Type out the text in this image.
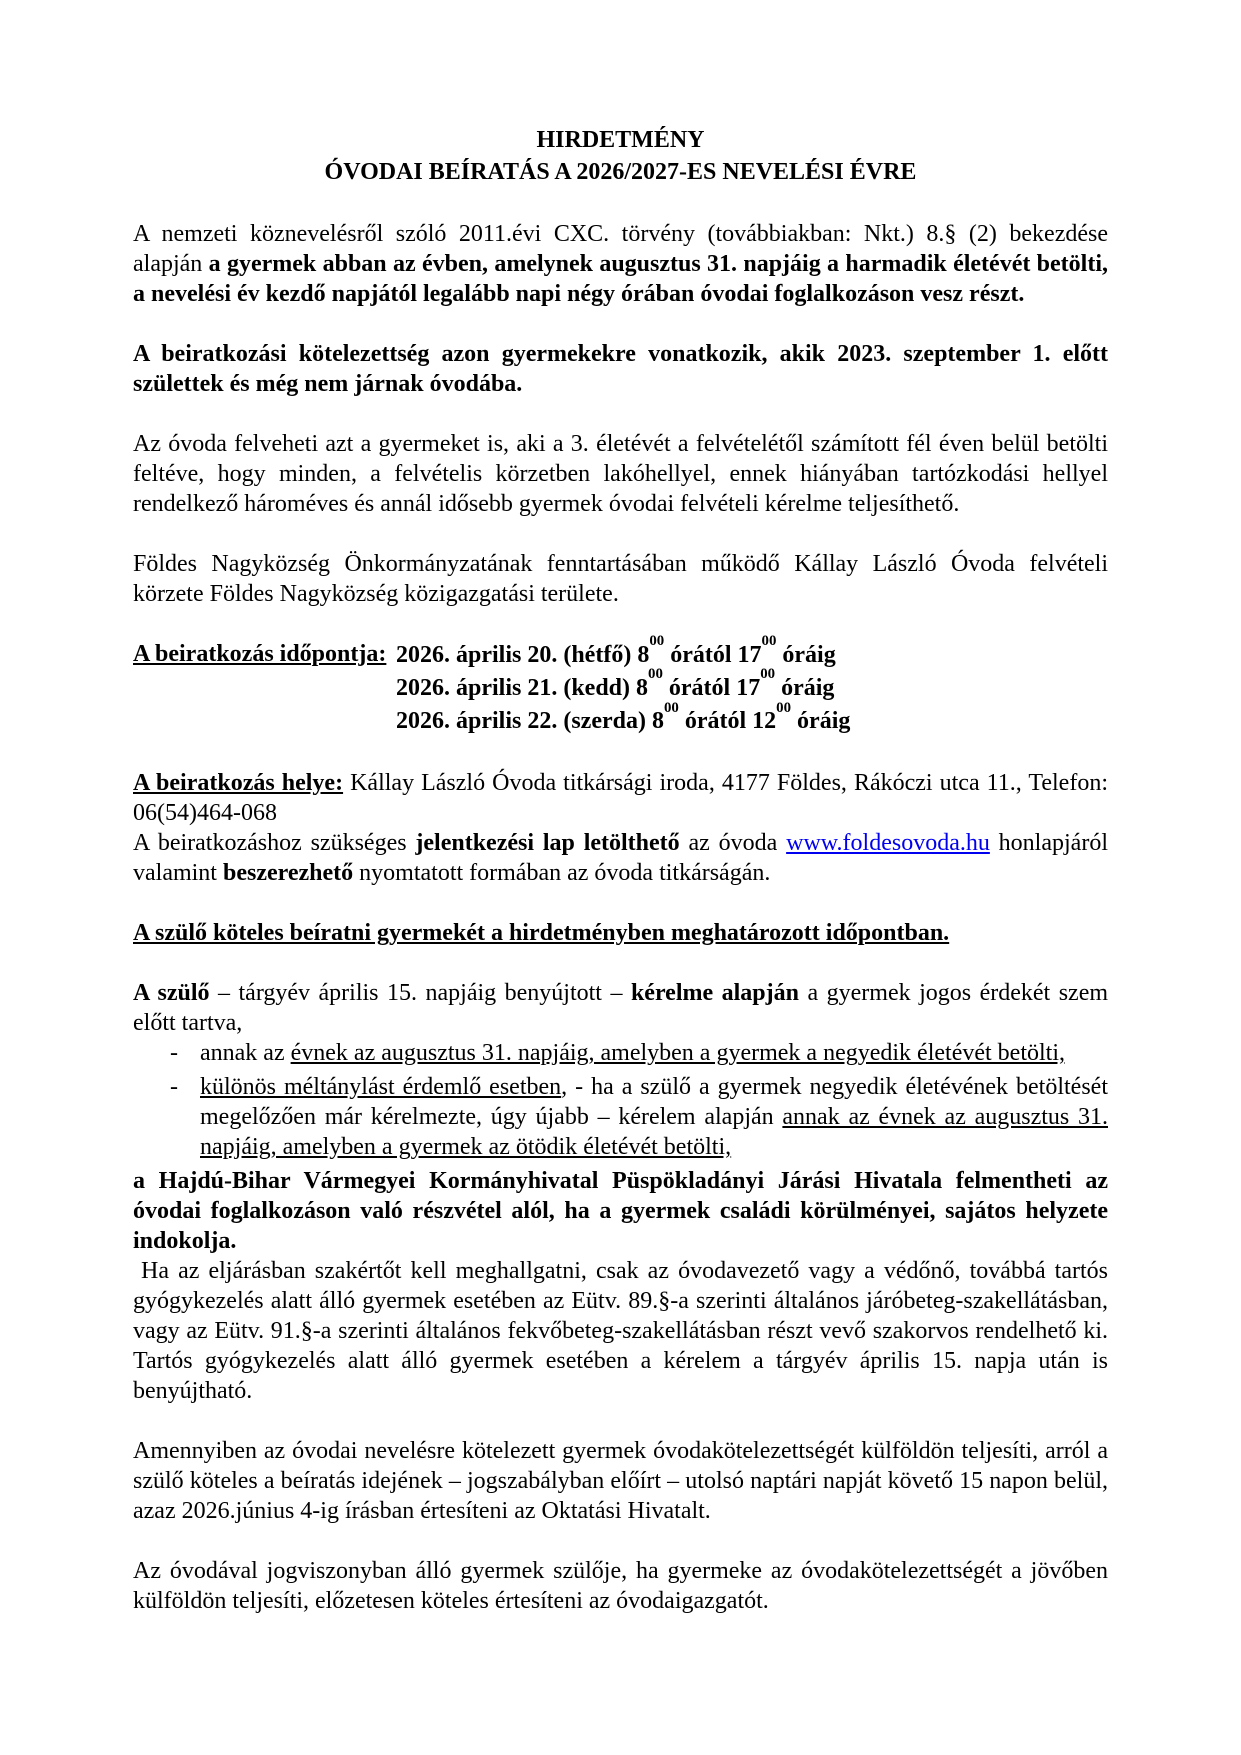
HIRDETMÉNY
ÓVODAI BEÍRATÁS A 2026/2027-ES NEVELÉSI ÉVRE

A nemzeti köznevelésről szóló 2011.évi CXC. törvény (továbbiakban: Nkt.) 8.§ (2) bekezdése alapján a gyermek abban az évben, amelynek augusztus 31. napjáig a harmadik életévét betölti, a nevelési év kezdő napjától legalább napi négy órában óvodai foglalkozáson vesz részt.

A beiratkozási kötelezettség azon gyermekekre vonatkozik, akik 2023. szeptember 1. előtt születtek és még nem járnak óvodába.

Az óvoda felveheti azt a gyermeket is, aki a 3. életévét a felvételétől számított fél éven belül betölti feltéve, hogy minden, a felvételis körzetben lakóhellyel, ennek hiányában tartózkodási hellyel rendelkező hároméves és annál idősebb gyermek óvodai felvételi kérelme teljesíthető.

Földes Nagyközség Önkormányzatának fenntartásában működő Kállay László Óvoda felvételi körzete Földes Nagyközség közigazgatási területe.

A beiratkozás időpontja: 2026. április 20. (hétfő) $8^{00}$ órától $17^{00}$ óráig
2026. április 21. (kedd) $8^{00}$ órától $17^{00}$ óráig
2026. április 22. (szerda) $8^{00}$ órától $12^{00}$ óráig

A beiratkozás helye: Kállay László Óvoda titkársági iroda, 4177 Földes, Rákóczi utca 11., Telefon: 06(54)464-068

A beiratkozáshoz szükséges jelentkezési lap letölthető az óvoda www.foldesovoda.hu honlapjáról valamint beszerezhető nyomtatott formában az óvoda titkárságán.

A szülő köteles beíratni gyermekét a hirdetményben meghatározott időpontban.

A szülő – tárgyév április 15. napjáig benyújtott – kérelme alapján a gyermek jogos érdekét szem előtt tartva,

- annak az évnek az augusztus 31. napjáig, amelyben a gyermek a negyedik életévét betölti,
- különös méltánylást érdemlő esetben, - ha a szülő a gyermek negyedik életévének betöltését megelőzően már kérelmezte, úgy újabb – kérelem alapján annak az évnek az augusztus 31. napjáig, amelyben a gyermek az ötödik életévét betölti,

a Hajdú-Bihar Vármegyei Kormányhivatal Püspökladányi Járási Hivatala felmentheti az óvodai foglalkozáson való részvétel alól, ha a gyermek családi körülményei, sajátos helyzete indokolja.

Ha az eljárásban szakértőt kell meghallgatni, csak az óvodavezető vagy a védőnő, továbbá tartós gyógykezelés alatt álló gyermek esetében az Eütv. 89.§-a szerinti általános járóbeteg-szakellátásban, vagy az Eütv. 91.§-a szerinti általános fekvőbeteg-szakellátásban részt vevő szakorvos rendelhető ki. Tartós gyógykezelés alatt álló gyermek esetében a kérelem a tárgyév április 15. napja után is benyújtható.

Amennyiben az óvodai nevelésre kötelezett gyermek óvodakötelezettségét külföldön teljesíti, arról a szülő köteles a beíratás idejének – jogszabályban előírt – utolsó naptári napját követő 15 napon belül, azaz 2026.június 4-ig írásban értesíteni az Oktatási Hivatalt.

Az óvodával jogviszonyban álló gyermek szülője, ha gyermeke az óvodakötelezettségét a jövőben külföldön teljesíti, előzetesen köteles értesíteni az óvodaigazgatót.
